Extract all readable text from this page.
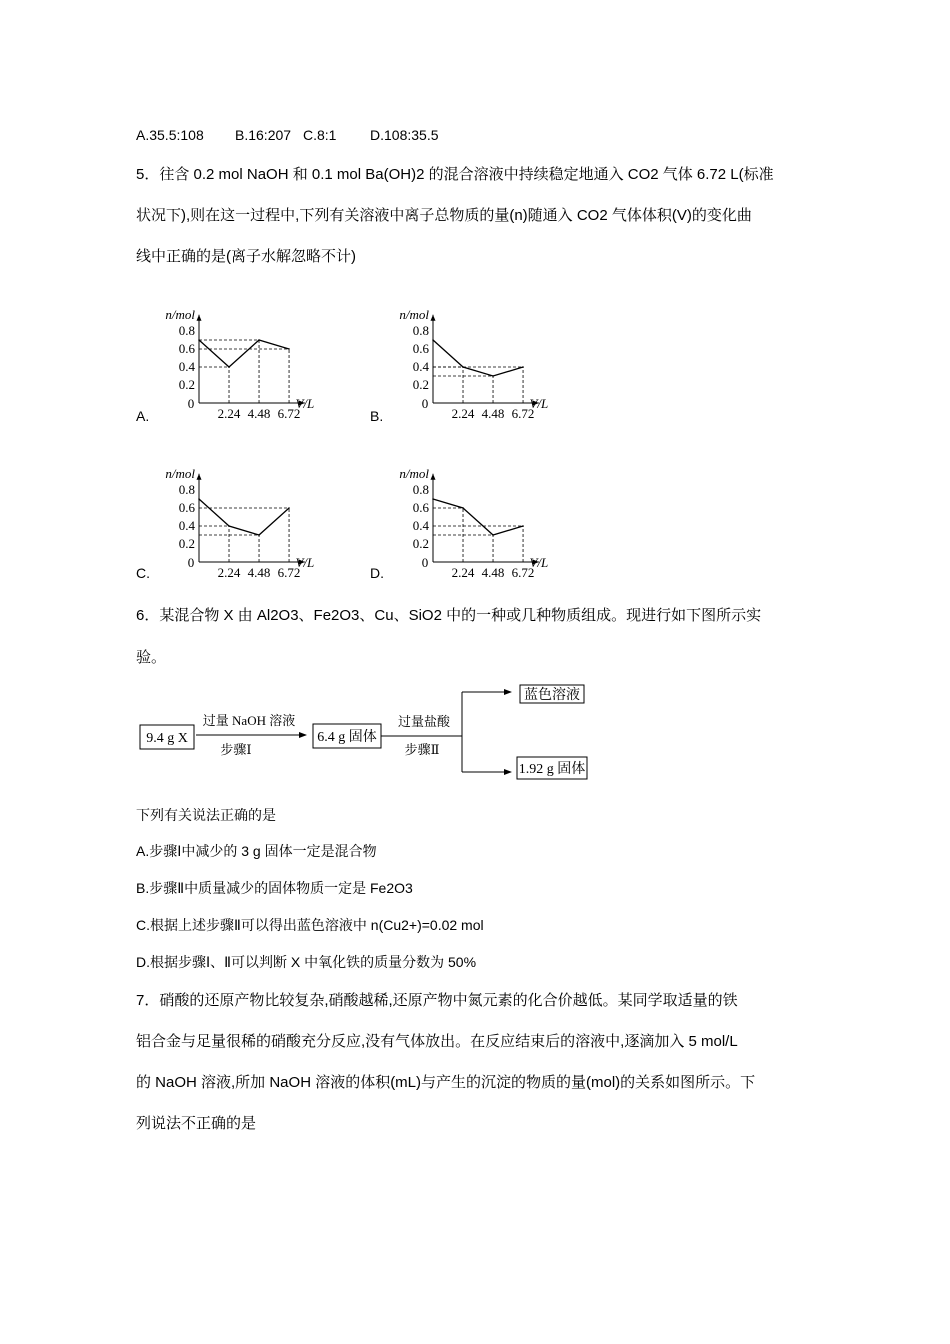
A.35.5:108 B.16:207 C.8:1 D.108:35.5
5．往含 0.2 mol NaOH 和 0.1 mol Ba(OH)2 的混合溶液中持续稳定地通入 CO2 气体 6.72 L(标准
状况下),则在这一过程中,下列有关溶液中离子总物质的量(n)随通入 CO2 气体体积(V)的变化曲
线中正确的是(离子水解忽略不计)
A.
n/mol
V/L
0
0.8
0.6
0.4
0.2
2.24 4.48 6.72	B.
n/mol
V/L
0
0.8
0.6
0.4
0.2
2.24 4.48 6.72
C.
n/mol
V/L
0
0.8
0.6
0.4
0.2
2.24 4.48 6.72	D.
n/mol
V/L
0
0.8
0.6
0.4
0.2
2.24 4.48 6.72
6．某混合物 X 由 Al2O3、Fe2O3、Cu、SiO2 中的一种或几种物质组成。现进行如下图所示实
验。
9.4 g X
过量 NaOH 溶液
步骤Ⅰ
6.4 g 固体
过量盐酸
步骤Ⅱ
蓝色溶液
1.92 g 固体
下列有关说法正确的是
A.步骤Ⅰ中减少的 3 g 固体一定是混合物
B.步骤Ⅱ中质量减少的固体物质一定是 Fe2O3
C.根据上述步骤Ⅱ可以得出蓝色溶液中 n(Cu2+)=0.02 mol
D.根据步骤Ⅰ、Ⅱ可以判断 X 中氧化铁的质量分数为 50%
7．硝酸的还原产物比较复杂,硝酸越稀,还原产物中氮元素的化合价越低。某同学取适量的铁
铝合金与足量很稀的硝酸充分反应,没有气体放出。在反应结束后的溶液中,逐滴加入 5 mol/L
的 NaOH 溶液,所加 NaOH 溶液的体积(mL)与产生的沉淀的物质的量(mol)的关系如图所示。下
列说法不正确的是
